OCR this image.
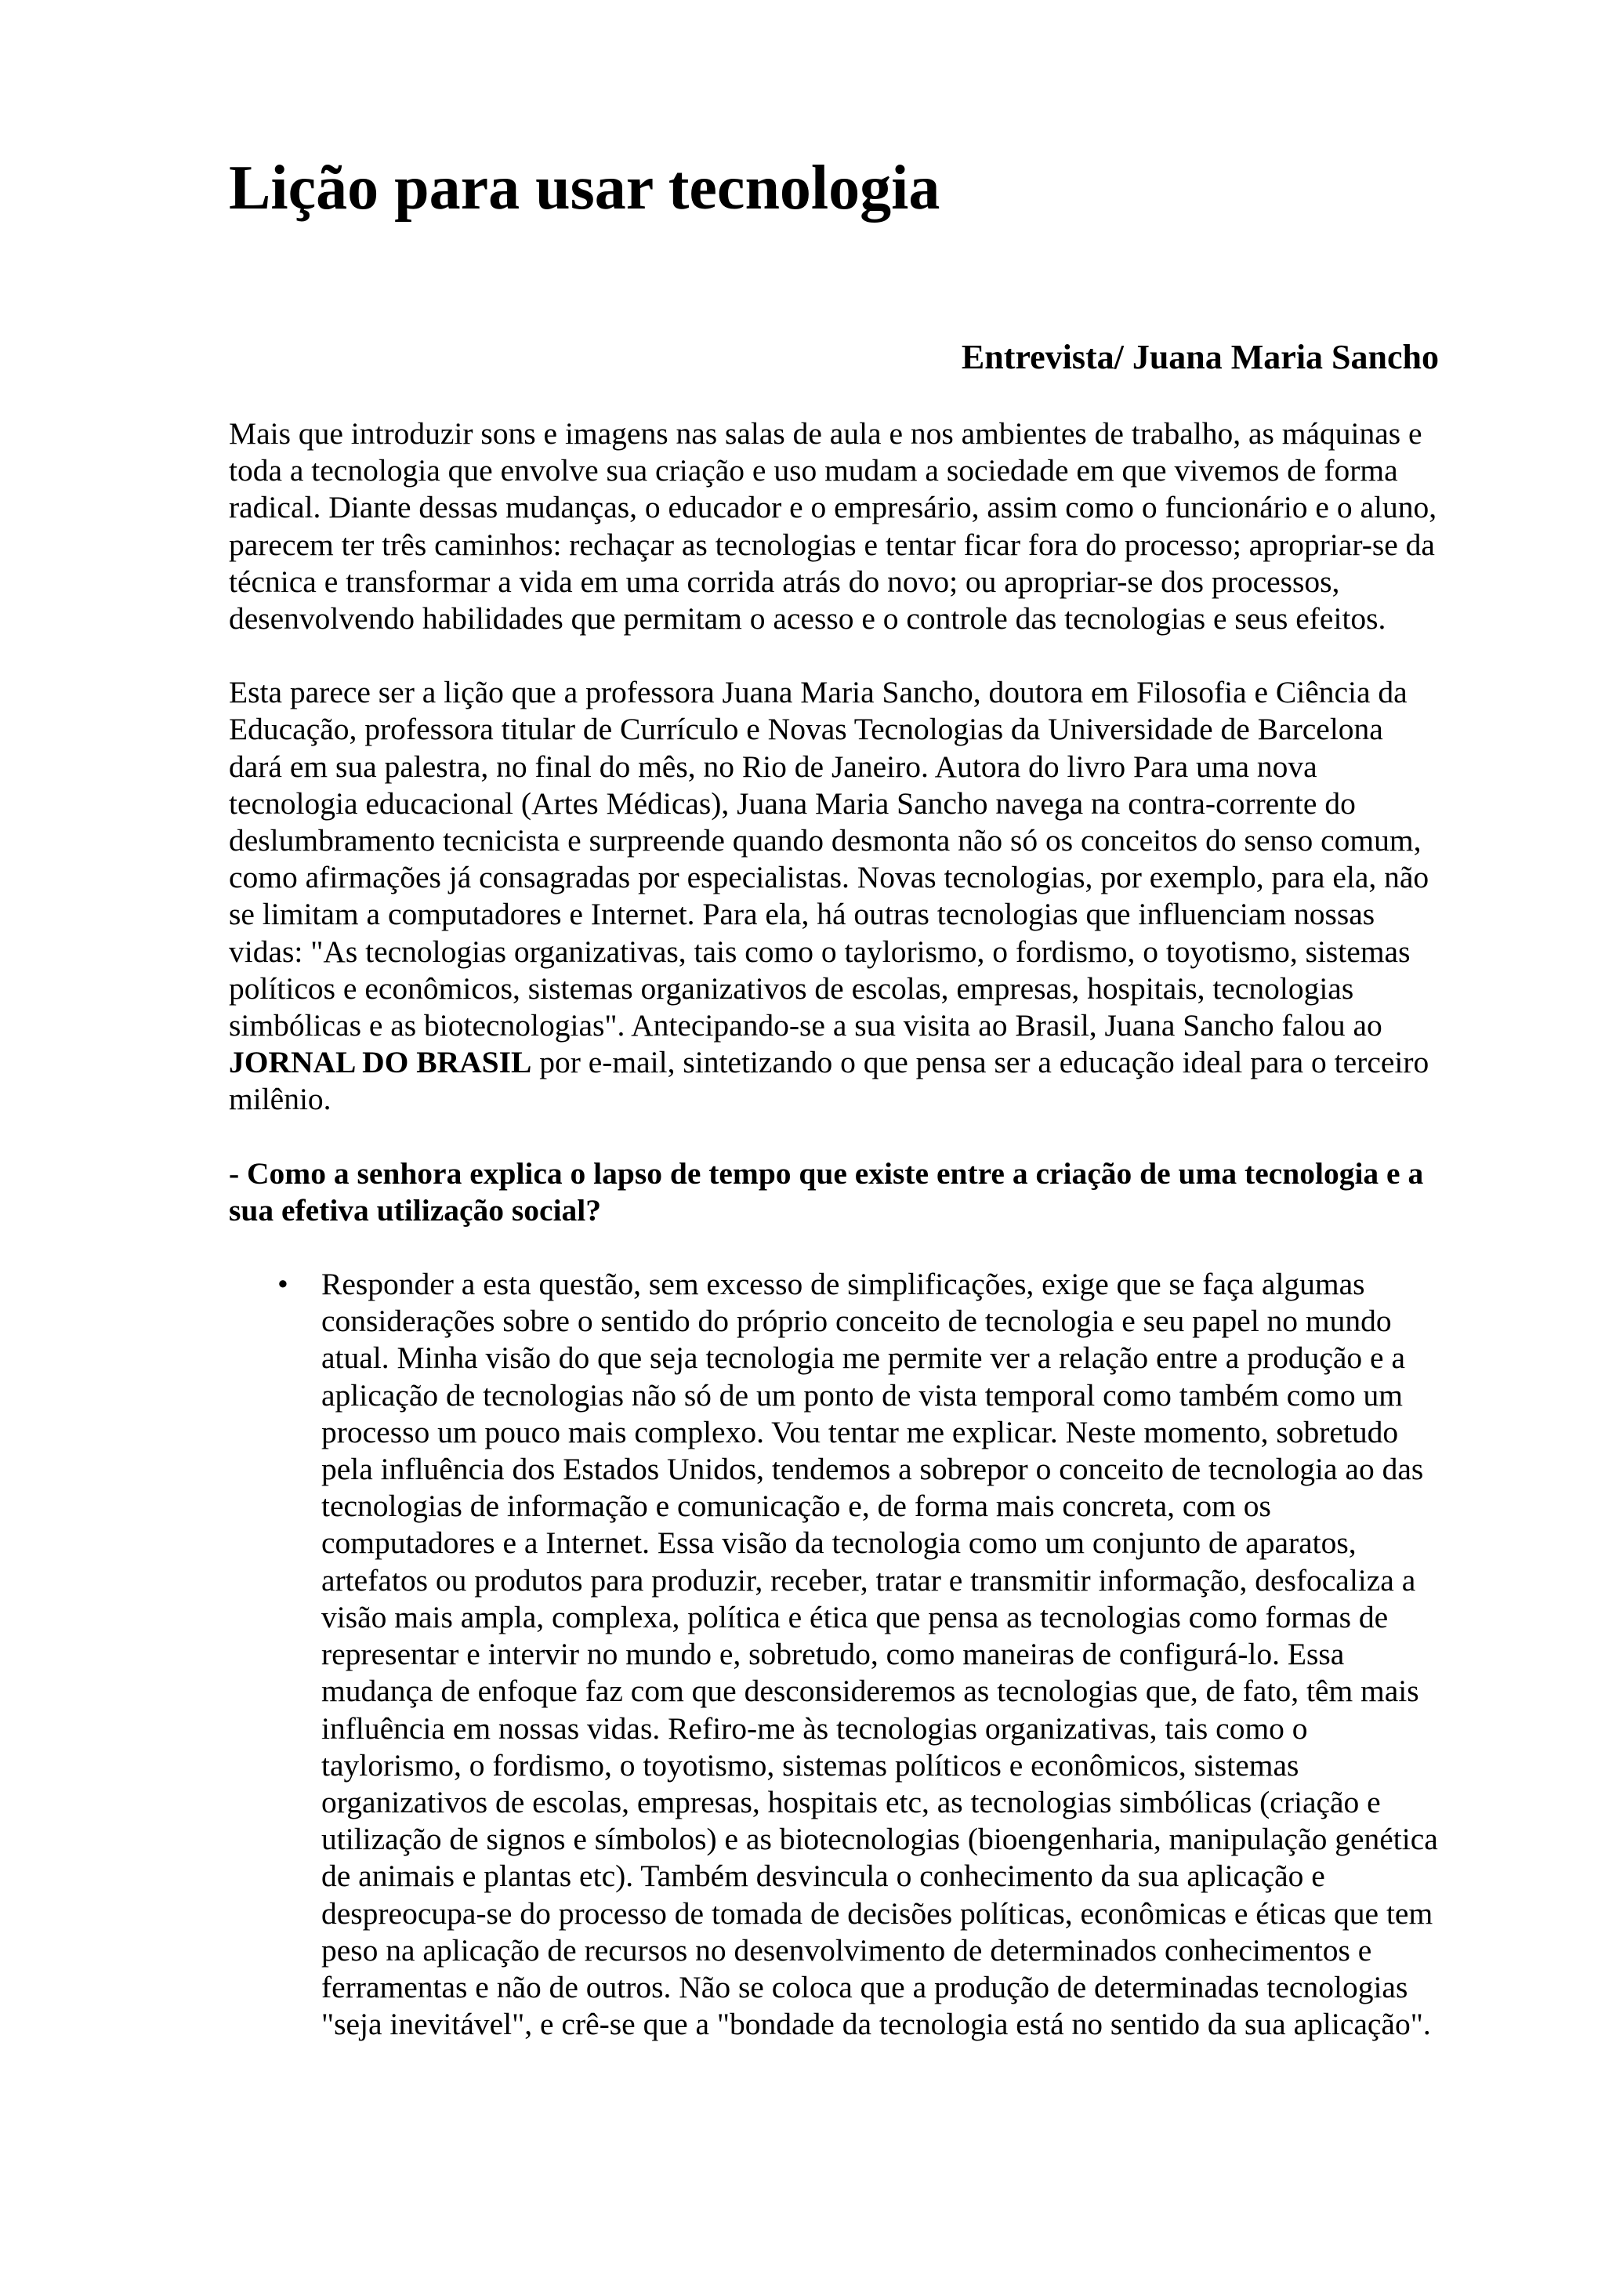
Lição para usar tecnologia
Entrevista/ Juana Maria Sancho

Mais que introduzir sons e imagens nas salas de aula e nos ambientes de trabalho, as máquinas e toda a tecnologia que envolve sua criação e uso mudam a sociedade em que vivemos de forma radical. Diante dessas mudanças, o educador e o empresário, assim como o funcionário e o aluno, parecem ter três caminhos: rechaçar as tecnologias e tentar ficar fora do processo; apropriar-se da técnica e transformar a vida em uma corrida atrás do novo; ou apropriar-se dos processos, desenvolvendo habilidades que permitam o acesso e o controle das tecnologias e seus efeitos.

Esta parece ser a lição que a professora Juana Maria Sancho, doutora em Filosofia e Ciência da Educação, professora titular de Currículo e Novas Tecnologias da Universidade de Barcelona dará em sua palestra, no final do mês, no Rio de Janeiro. Autora do livro Para uma nova tecnologia educacional (Artes Médicas), Juana Maria Sancho navega na contra-corrente do deslumbramento tecnicista e surpreende quando desmonta não só os conceitos do senso comum, como afirmações já consagradas por especialistas. Novas tecnologias, por exemplo, para ela, não se limitam a computadores e Internet. Para ela, há outras tecnologias que influenciam nossas vidas: "As tecnologias organizativas, tais como o taylorismo, o fordismo, o toyotismo, sistemas políticos e econômicos, sistemas organizativos de escolas, empresas, hospitais, tecnologias simbólicas e as biotecnologias". Antecipando-se a sua visita ao Brasil, Juana Sancho falou ao JORNAL DO BRASIL por e-mail, sintetizando o que pensa ser a educação ideal para o terceiro milênio.

- Como a senhora explica o lapso de tempo que existe entre a criação de uma tecnologia e a sua efetiva utilização social?

• Responder a esta questão, sem excesso de simplificações, exige que se faça algumas considerações sobre o sentido do próprio conceito de tecnologia e seu papel no mundo atual. Minha visão do que seja tecnologia me permite ver a relação entre a produção e a aplicação de tecnologias não só de um ponto de vista temporal como também como um processo um pouco mais complexo. Vou tentar me explicar. Neste momento, sobretudo pela influência dos Estados Unidos, tendemos a sobrepor o conceito de tecnologia ao das tecnologias de informação e comunicação e, de forma mais concreta, com os computadores e a Internet. Essa visão da tecnologia como um conjunto de aparatos, artefatos ou produtos para produzir, receber, tratar e transmitir informação, desfocaliza a visão mais ampla, complexa, política e ética que pensa as tecnologias como formas de representar e intervir no mundo e, sobretudo, como maneiras de configurá-lo. Essa mudança de enfoque faz com que desconsideremos as tecnologias que, de fato, têm mais influência em nossas vidas. Refiro-me às tecnologias organizativas, tais como o taylorismo, o fordismo, o toyotismo, sistemas políticos e econômicos, sistemas organizativos de escolas, empresas, hospitais etc, as tecnologias simbólicas (criação e utilização de signos e símbolos) e as biotecnologias (bioengenharia, manipulação genética de animais e plantas etc). Também desvincula o conhecimento da sua aplicação e despreocupa-se do processo de tomada de decisões políticas, econômicas e éticas que tem peso na aplicação de recursos no desenvolvimento de determinados conhecimentos e ferramentas e não de outros. Não se coloca que a produção de determinadas tecnologias "seja inevitável", e crê-se que a "bondade da tecnologia está no sentido da sua aplicação".
